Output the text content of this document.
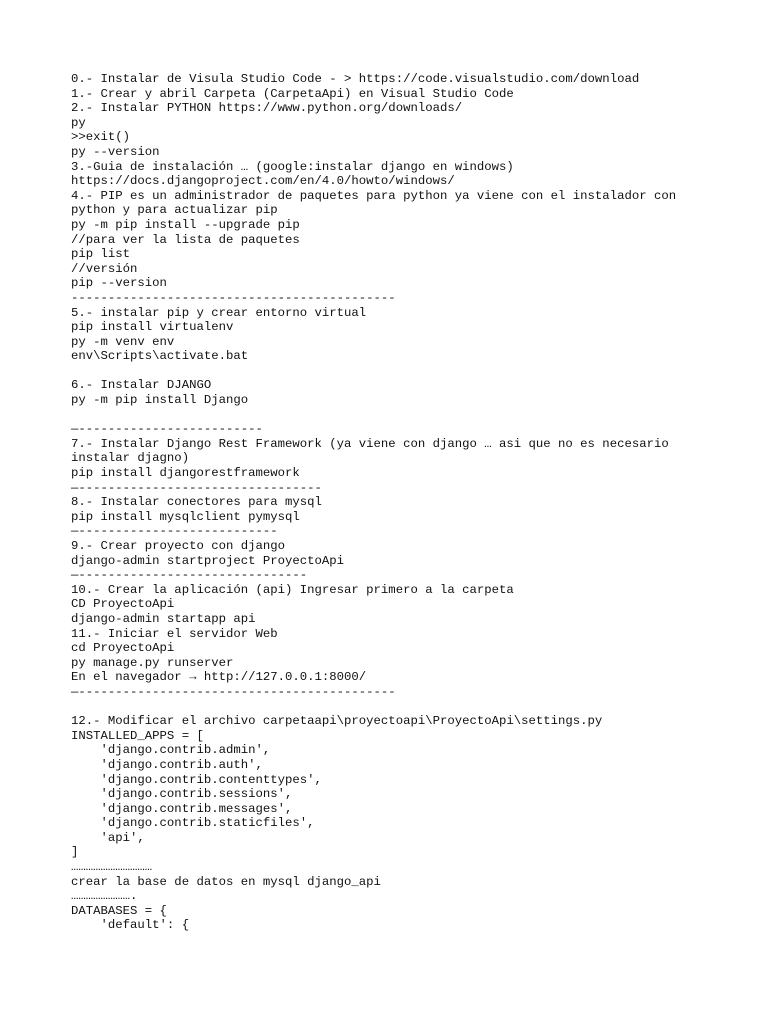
0.- Instalar de Visula Studio Code - > https://code.visualstudio.com/download
1.- Crear y abril Carpeta (CarpetaApi) en Visual Studio Code
2.- Instalar PYTHON https://www.python.org/downloads/
py
>>exit()
py --version
3.-Guia de instalación … (google:instalar django en windows)
https://docs.djangoproject.com/en/4.0/howto/windows/
4.- PIP es un administrador de paquetes para python ya viene con el instalador con
python y para actualizar pip
py -m pip install --upgrade pip
//para ver la lista de paquetes
pip list
//versión
pip --version
--------------------------------------------
5.- instalar pip y crear entorno virtual
pip install virtualenv
py -m venv env
env\Scripts\activate.bat
6.- Instalar DJANGO
py -m pip install Django
—-------------------------
7.- Instalar Django Rest Framework (ya viene con django … asi que no es necesario
instalar djagno)
pip install djangorestframework
—---------------------------------
8.- Instalar conectores para mysql
pip install mysqlclient pymysql
—---------------------------
9.- Crear proyecto con django
django-admin startproject ProyectoApi
—-------------------------------
10.- Crear la aplicación (api) Ingresar primero a la carpeta
CD ProyectoApi
django-admin startapp api
11.- Iniciar el servidor Web
cd ProyectoApi
py manage.py runserver
En el navegador → http://127.0.0.1:8000/
—-------------------------------------------
12.- Modificar el archivo carpetaapi\proyectoapi\ProyectoApi\settings.py
INSTALLED_APPS = [
'django.contrib.admin',
'django.contrib.auth',
'django.contrib.contenttypes',
'django.contrib.sessions',
'django.contrib.messages',
'django.contrib.staticfiles',
'api',
]
……………………………
crear la base de datos en mysql django_api
…………………….
DATABASES = {
'default': {
